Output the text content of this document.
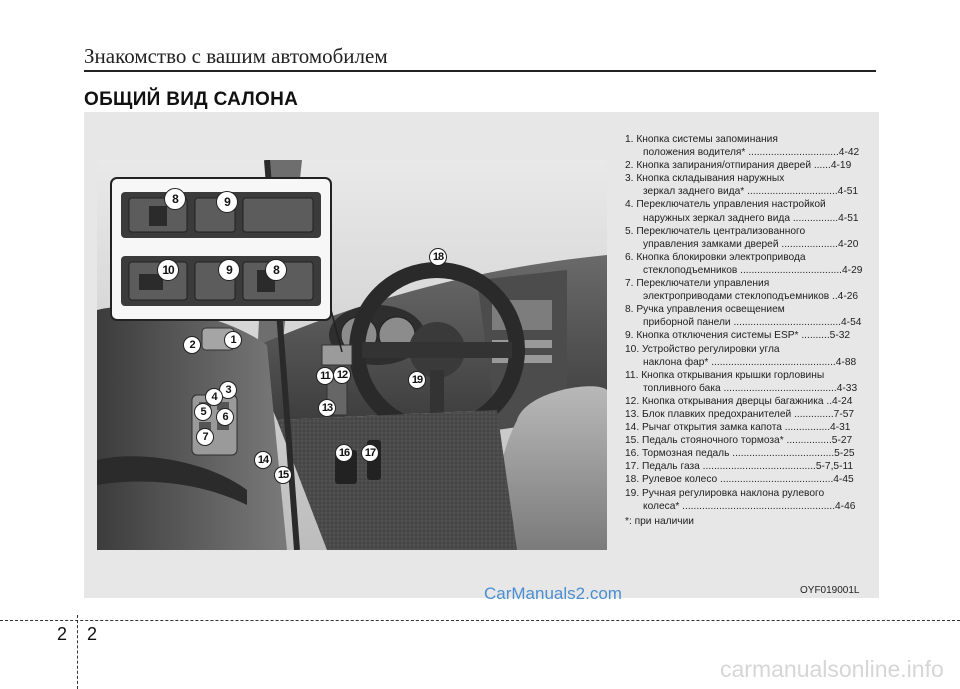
Знакомство с вашим автомобилем
ОБЩИЙ ВИД САЛОНА
8	9
10	9	8
1
2
3
4
5	6
7
11 12
13
14
15
16	17
18
19
1. Кнопка системы запоминания
положения водителя* ................................4-42
2. Кнопка запирания/отпирания дверей ......4-19
3. Кнопка складывания наружных
зеркал заднего вида* ................................4-51
4. Переключатель управления настройкой
наружных зеркал заднего вида ................4-51
5. Переключатель централизованного
управления замками дверей ....................4-20
6. Кнопка блокировки электропривода
стеклоподъемников ....................................4-29
7. Переключатели управления
электроприводами стеклоподъемников ..4-26
8. Ручка управления освещением
приборной панели ......................................4-54
9. Кнопка отключения системы ESP* ..........5-32
10. Устройство регулировки угла
наклона фар* ............................................4-88
11. Кнопка открывания крышки горловины
топливного бака ........................................4-33
12. Кнопка открывания дверцы багажника ..4-24
13. Блок плавких предохранителей ..............7-57
14. Рычаг открытия замка капота ................4-31
15. Педаль стояночного тормоза* ................5-27
16. Тормозная педаль ....................................5-25
17. Педаль газа ........................................5-7,5-11
18. Рулевое колесо ........................................4-45
19. Ручная регулировка наклона рулевого
колеса* ......................................................4-46
*: при наличии
OYF019001L
CarManuals2.com
2 2
carmanualsonline.info
